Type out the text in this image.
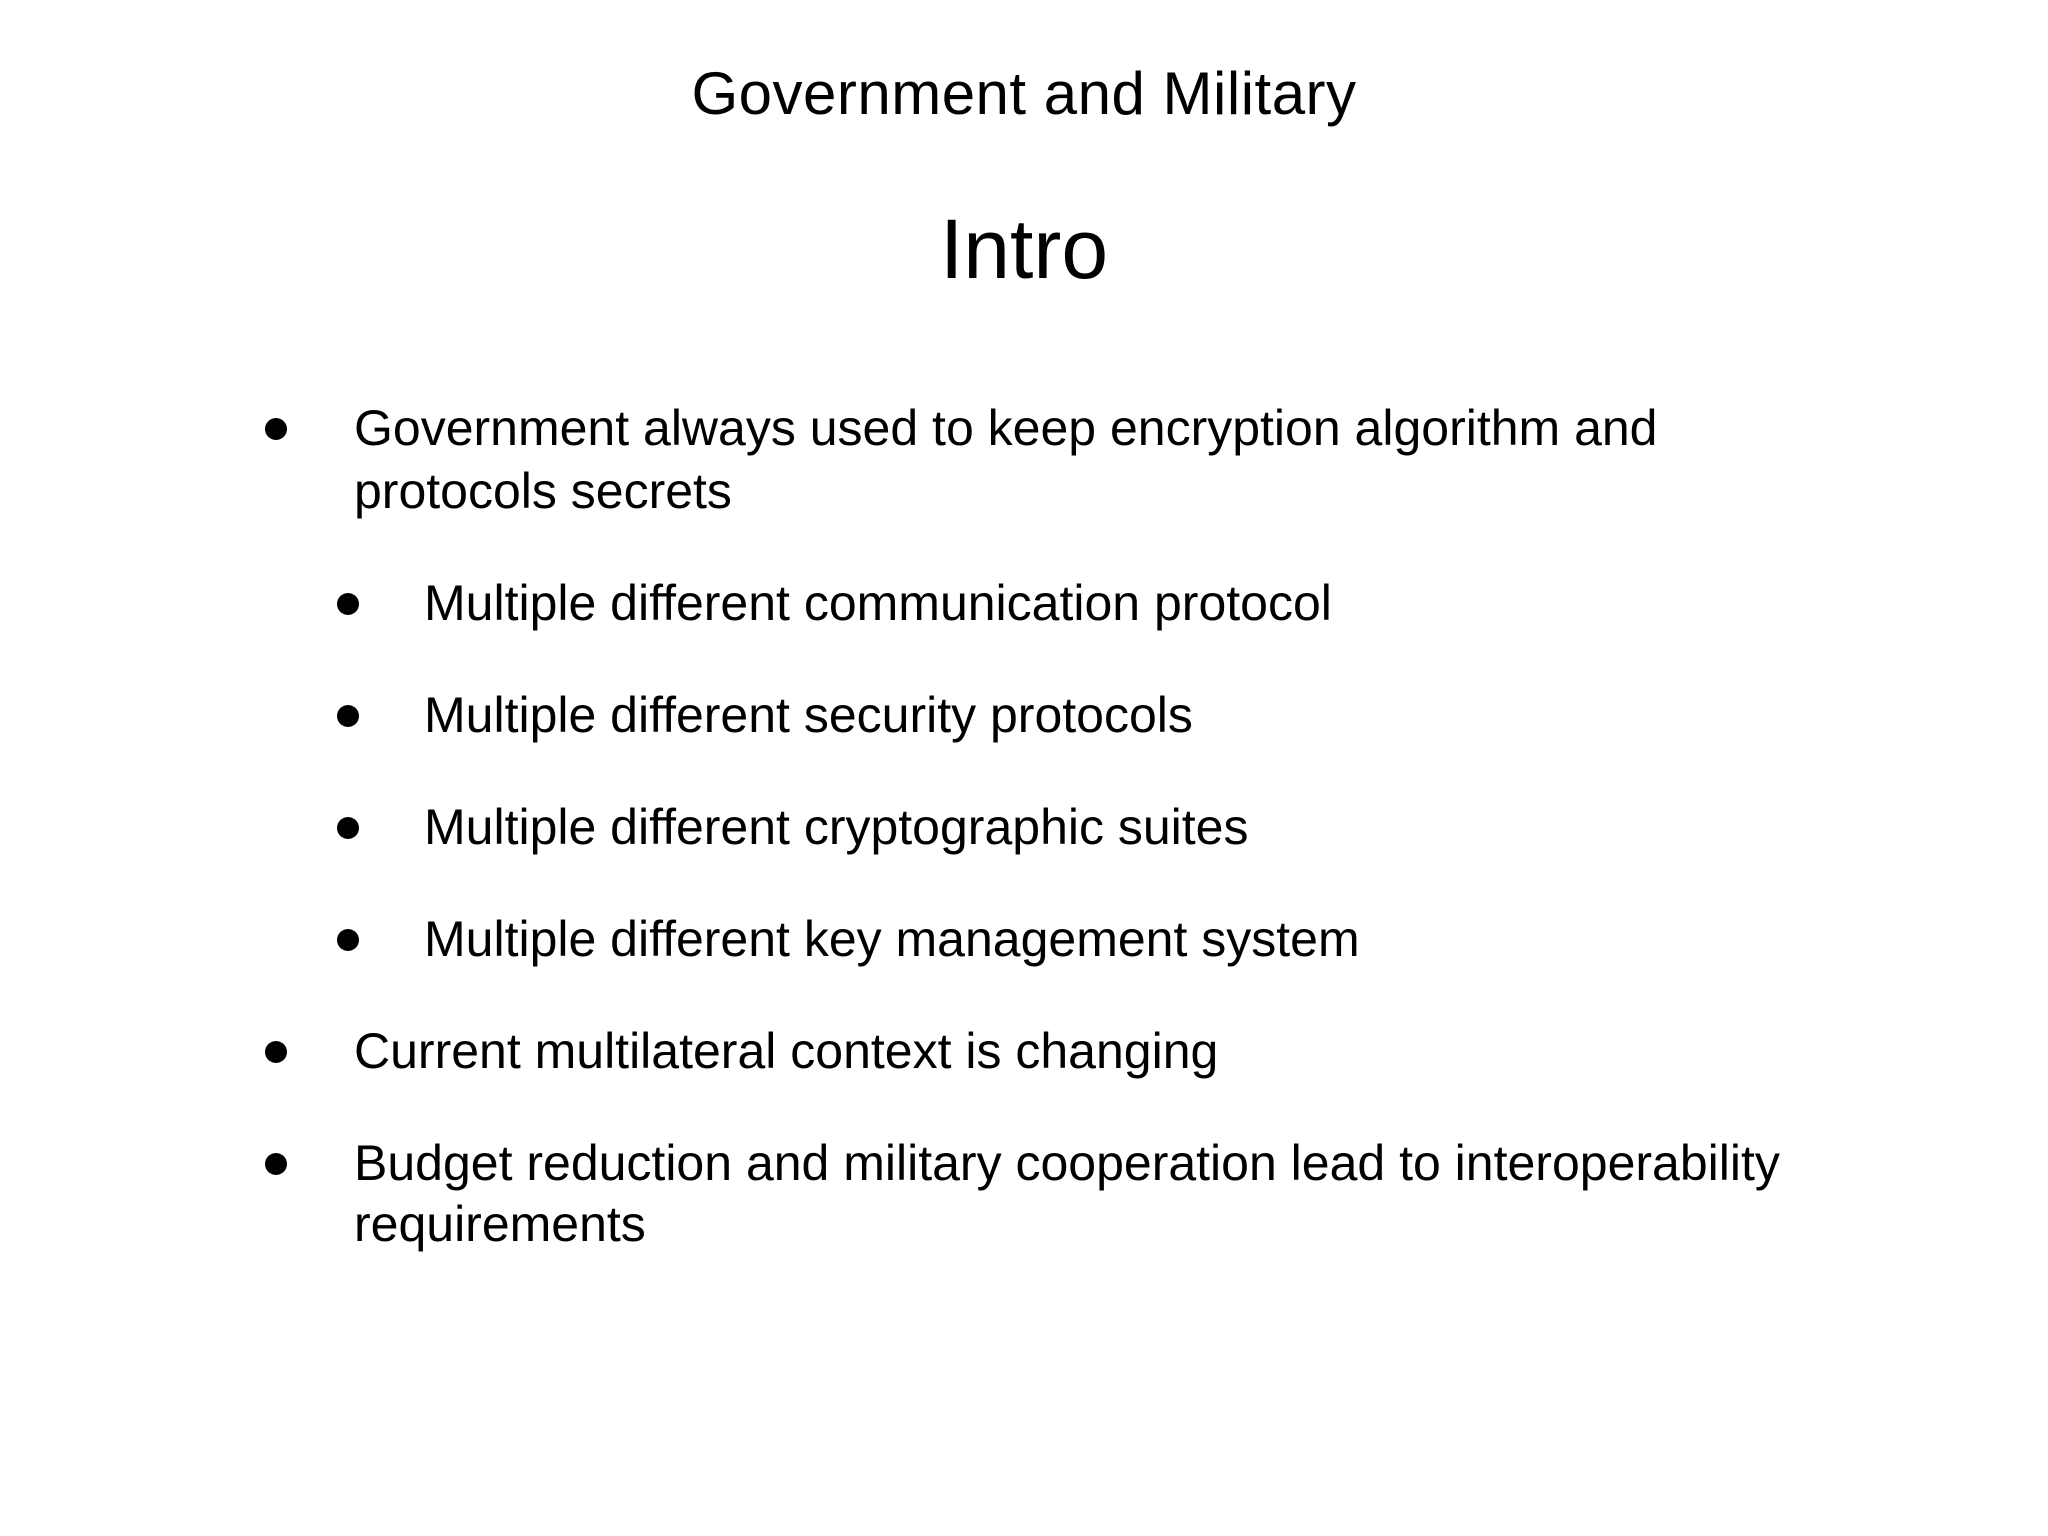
Government and Military
Intro
Government always used to keep encryption algorithm and
protocols secrets
Multiple different communication protocol
Multiple different security protocols
Multiple different cryptographic suites
Multiple different key management system
Current multilateral context is changing
Budget reduction and military cooperation lead to interoperability
requirements
